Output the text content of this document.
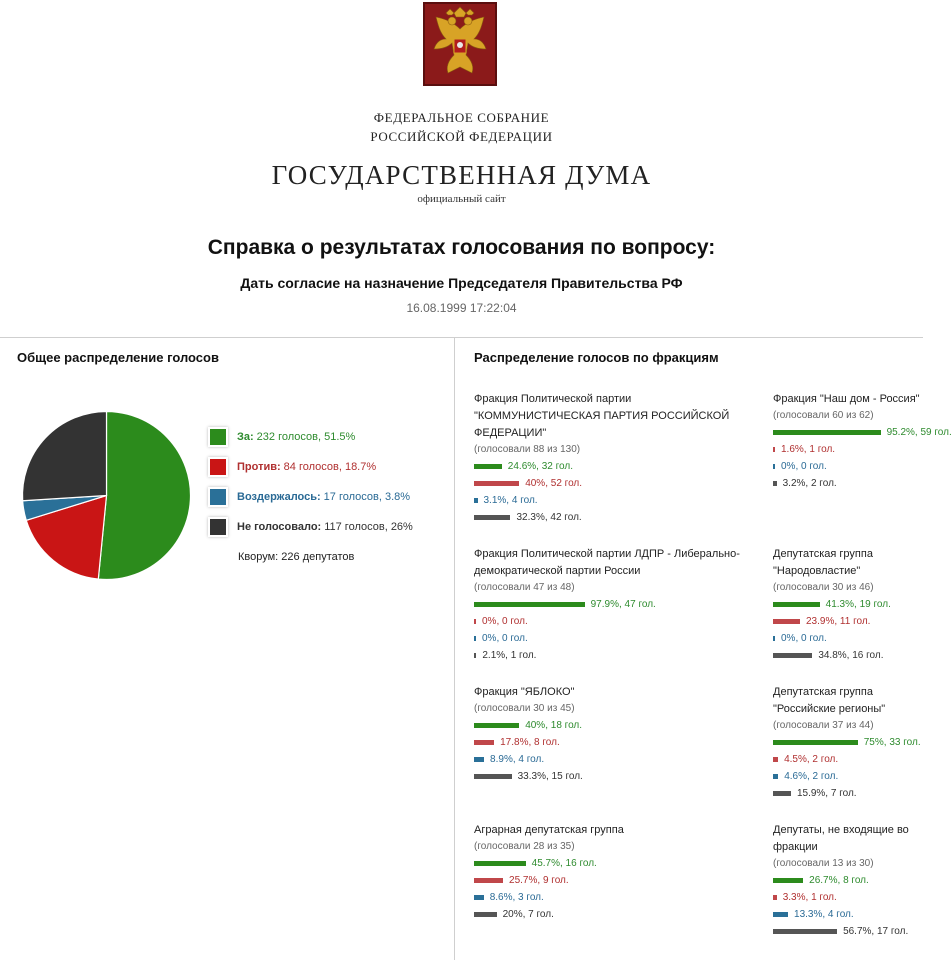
ФЕДЕРАЛЬНОЕ СОБРАНИЕ
РОССИЙСКОЙ ФЕДЕРАЦИИ
ГОСУДАРСТВЕННАЯ ДУМА
официальный сайт
Справка о результатах голосования по вопросу:
Дать согласие на назначение Председателя Правительства РФ
16.08.1999 17:22:04
Общее распределение голосов
За: 232 голосов, 51.5%
Против: 84 голосов, 18.7%
Воздержалось: 17 голосов, 3.8%
Не голосовало: 117 голосов, 26%
Кворум: 226 депутатов
Распределение голосов по фракциям
Фракция Политической партии "КОММУНИСТИЧЕСКАЯ ПАРТИЯ РОССИЙСКОЙ ФЕДЕРАЦИИ"
(голосовали 88 из 130)
24.6%, 32 гол.
40%, 52 гол.
3.1%, 4 гол.
32.3%, 42 гол.
Фракция "Наш дом - Россия"
(голосовали 60 из 62)
95.2%, 59 гол.
1.6%, 1 гол.
0%, 0 гол.
3.2%, 2 гол.
Фракция Политической партии ЛДПР - Либерально-демократической партии России
(голосовали 47 из 48)
97.9%, 47 гол.
0%, 0 гол.
0%, 0 гол.
2.1%, 1 гол.
Депутатская группа "Народовластие"
(голосовали 30 из 46)
41.3%, 19 гол.
23.9%, 11 гол.
0%, 0 гол.
34.8%, 16 гол.
Фракция "ЯБЛОКО"
(голосовали 30 из 45)
40%, 18 гол.
17.8%, 8 гол.
8.9%, 4 гол.
33.3%, 15 гол.
Депутатская группа "Российские регионы"
(голосовали 37 из 44)
75%, 33 гол.
4.5%, 2 гол.
4.6%, 2 гол.
15.9%, 7 гол.
Аграрная депутатская группа
(голосовали 28 из 35)
45.7%, 16 гол.
25.7%, 9 гол.
8.6%, 3 гол.
20%, 7 гол.
Депутаты, не входящие во фракции
(голосовали 13 из 30)
26.7%, 8 гол.
3.3%, 1 гол.
13.3%, 4 гол.
56.7%, 17 гол.
